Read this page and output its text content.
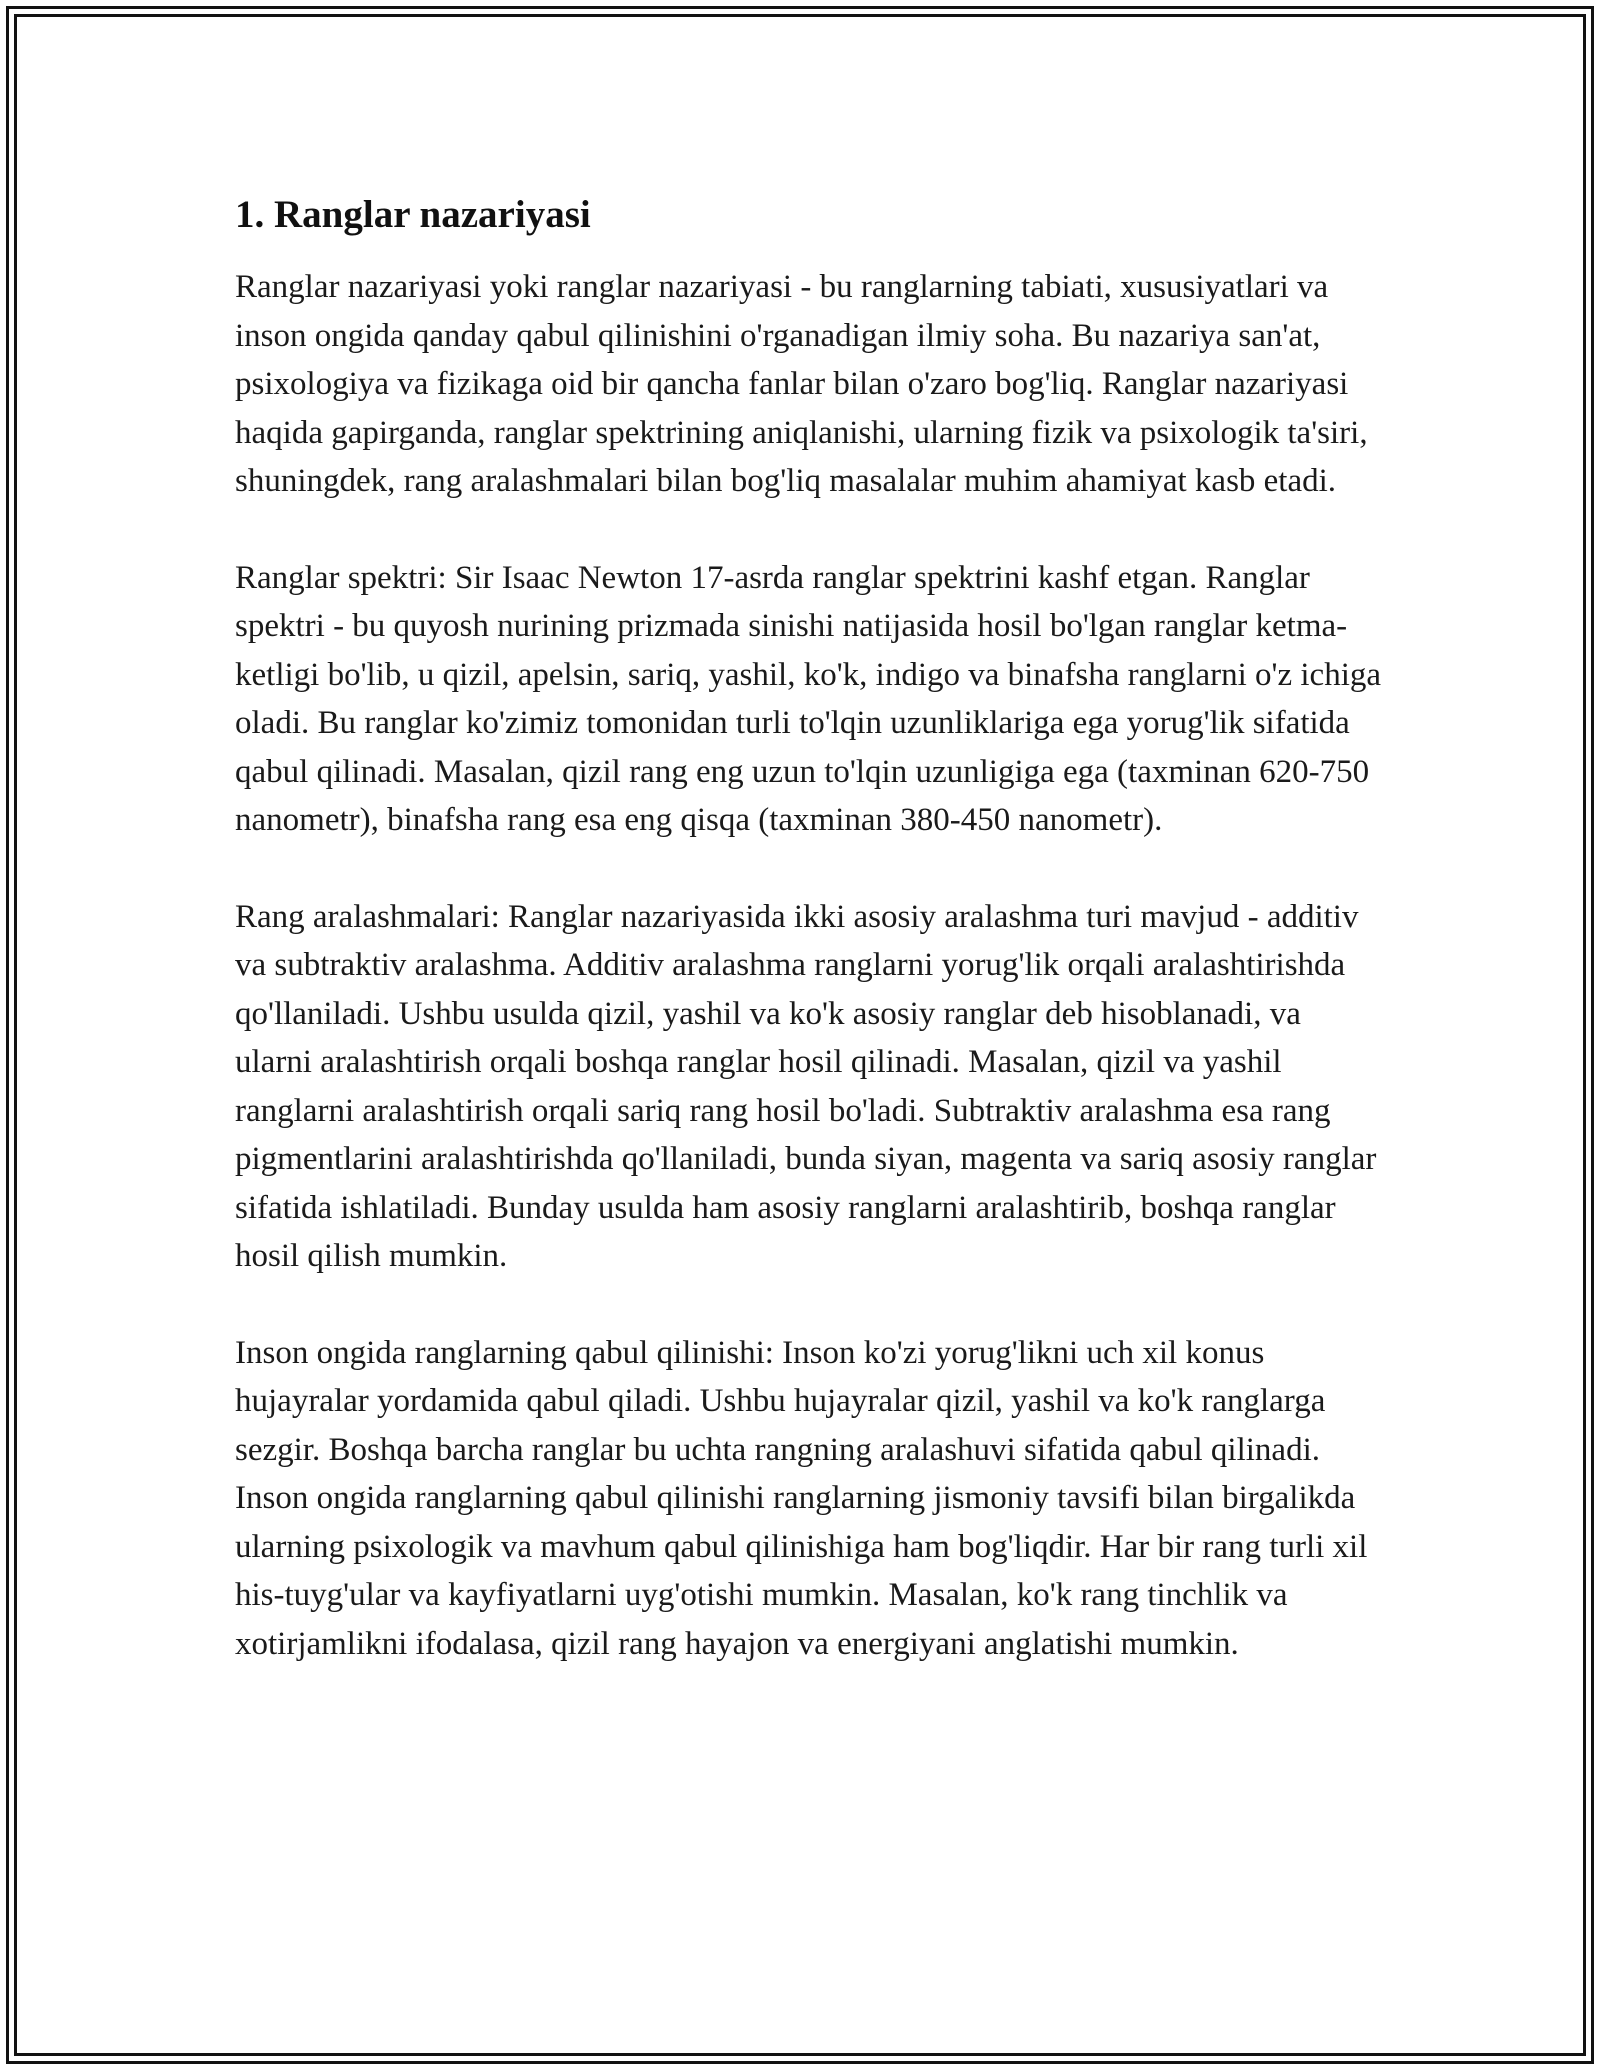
1. Ranglar nazariyasi

Ranglar nazariyasi yoki ranglar nazariyasi - bu ranglarning tabiati, xususiyatlari va inson ongida qanday qabul qilinishini o'rganadigan ilmiy soha. Bu nazariya san'at, psixologiya va fizikaga oid bir qancha fanlar bilan o'zaro bog'liq. Ranglar nazariyasi haqida gapirganda, ranglar spektrining aniqlanishi, ularning fizik va psixologik ta'siri, shuningdek, rang aralashmalari bilan bog'liq masalalar muhim ahamiyat kasb etadi.

Ranglar spektri: Sir Isaac Newton 17-asrda ranglar spektrini kashf etgan. Ranglar spektri - bu quyosh nurining prizmada sinishi natijasida hosil bo'lgan ranglar ketma-ketligi bo'lib, u qizil, apelsin, sariq, yashil, ko'k, indigo va binafsha ranglarni o'z ichiga oladi. Bu ranglar ko'zimiz tomonidan turli to'lqin uzunliklariga ega yorug'lik sifatida qabul qilinadi. Masalan, qizil rang eng uzun to'lqin uzunligiga ega (taxminan 620-750 nanometr), binafsha rang esa eng qisqa (taxminan 380-450 nanometr).

Rang aralashmalari: Ranglar nazariyasida ikki asosiy aralashma turi mavjud - additiv va subtraktiv aralashma. Additiv aralashma ranglarni yorug'lik orqali aralashtirishda qo'llaniladi. Ushbu usulda qizil, yashil va ko'k asosiy ranglar deb hisoblanadi, va ularni aralashtirish orqali boshqa ranglar hosil qilinadi. Masalan, qizil va yashil ranglarni aralashtirish orqali sariq rang hosil bo'ladi. Subtraktiv aralashma esa rang pigmentlarini aralashtirishda qo'llaniladi, bunda siyan, magenta va sariq asosiy ranglar sifatida ishlatiladi. Bunday usulda ham asosiy ranglarni aralashtirib, boshqa ranglar hosil qilish mumkin.

Inson ongida ranglarning qabul qilinishi: Inson ko'zi yorug'likni uch xil konus hujayralar yordamida qabul qiladi. Ushbu hujayralar qizil, yashil va ko'k ranglarga sezgir. Boshqa barcha ranglar bu uchta rangning aralashuvi sifatida qabul qilinadi. Inson ongida ranglarning qabul qilinishi ranglarning jismoniy tavsifi bilan birgalikda ularning psixologik va mavhum qabul qilinishiga ham bog'liqdir. Har bir rang turli xil his-tuyg'ular va kayfiyatlarni uyg'otishi mumkin. Masalan, ko'k rang tinchlik va xotirjamlikni ifodalasa, qizil rang hayajon va energiyani anglatishi mumkin.
